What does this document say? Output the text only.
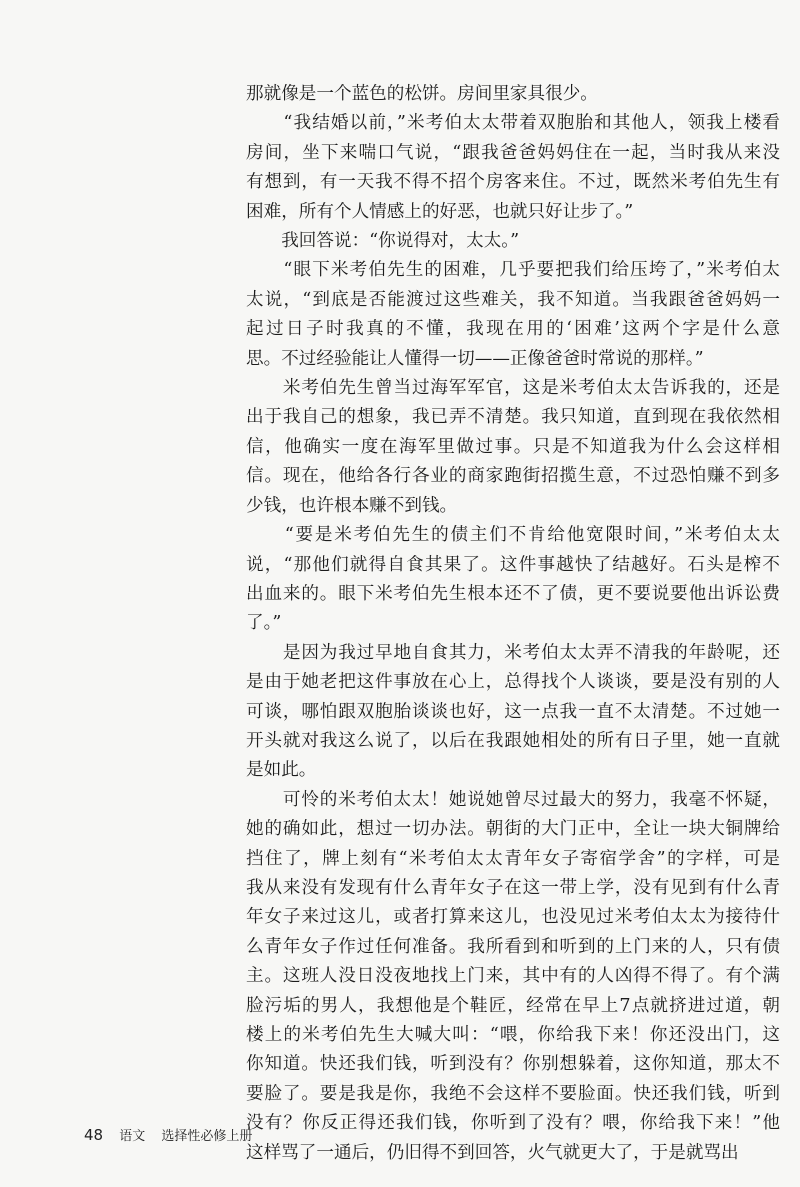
那就像是一个蓝色的松饼。房间里家具很少。
　　“我结婚以前，”米考伯太太带着双胞胎和其他人，领我上楼看
房间，坐下来喘口气说，“跟我爸爸妈妈住在一起，当时我从来没
有想到，有一天我不得不招个房客来住。不过，既然米考伯先生有
困难，所有个人情感上的好恶，也就只好让步了。”
　　我回答说：“你说得对，太太。”
　　“眼下米考伯先生的困难，几乎要把我们给压垮了，”米考伯太
太说，“到底是否能渡过这些难关，我不知道。当我跟爸爸妈妈一
起过日子时我真的不懂，我现在用的‘困难’这两个字是什么意
思。不过经验能让人懂得一切——正像爸爸时常说的那样。”
　　米考伯先生曾当过海军军官，这是米考伯太太告诉我的，还是
出于我自己的想象，我已弄不清楚。我只知道，直到现在我依然相
信，他确实一度在海军里做过事。只是不知道我为什么会这样相
信。现在，他给各行各业的商家跑街招揽生意，不过恐怕赚不到多
少钱，也许根本赚不到钱。
　　“要是米考伯先生的债主们不肯给他宽限时间，”米考伯太太
说，“那他们就得自食其果了。这件事越快了结越好。石头是榨不
出血来的。眼下米考伯先生根本还不了债，更不要说要他出诉讼费
了。”
　　是因为我过早地自食其力，米考伯太太弄不清我的年龄呢，还
是由于她老把这件事放在心上，总得找个人谈谈，要是没有别的人
可谈，哪怕跟双胞胎谈谈也好，这一点我一直不太清楚。不过她一
开头就对我这么说了，以后在我跟她相处的所有日子里，她一直就
是如此。
　　可怜的米考伯太太！她说她曾尽过最大的努力，我毫不怀疑，
她的确如此，想过一切办法。朝街的大门正中，全让一块大铜牌给
挡住了，牌上刻有“米考伯太太青年女子寄宿学舍”的字样，可是
我从来没有发现有什么青年女子在这一带上学，没有见到有什么青
年女子来过这儿，或者打算来这儿，也没见过米考伯太太为接待什
么青年女子作过任何准备。我所看到和听到的上门来的人，只有债
主。这班人没日没夜地找上门来，其中有的人凶得不得了。有个满
脸污垢的男人，我想他是个鞋匠，经常在早上7点就挤进过道，朝
楼上的米考伯先生大喊大叫：“喂，你给我下来！你还没出门，这
你知道。快还我们钱，听到没有？你别想躲着，这你知道，那太不
要脸了。要是我是你，我绝不会这样不要脸面。快还我们钱，听到
没有？你反正得还我们钱，你听到了没有？喂，你给我下来！”他
这样骂了一通后，仍旧得不到回答，火气就更大了，于是就骂出
48 语文 选择性必修上册
